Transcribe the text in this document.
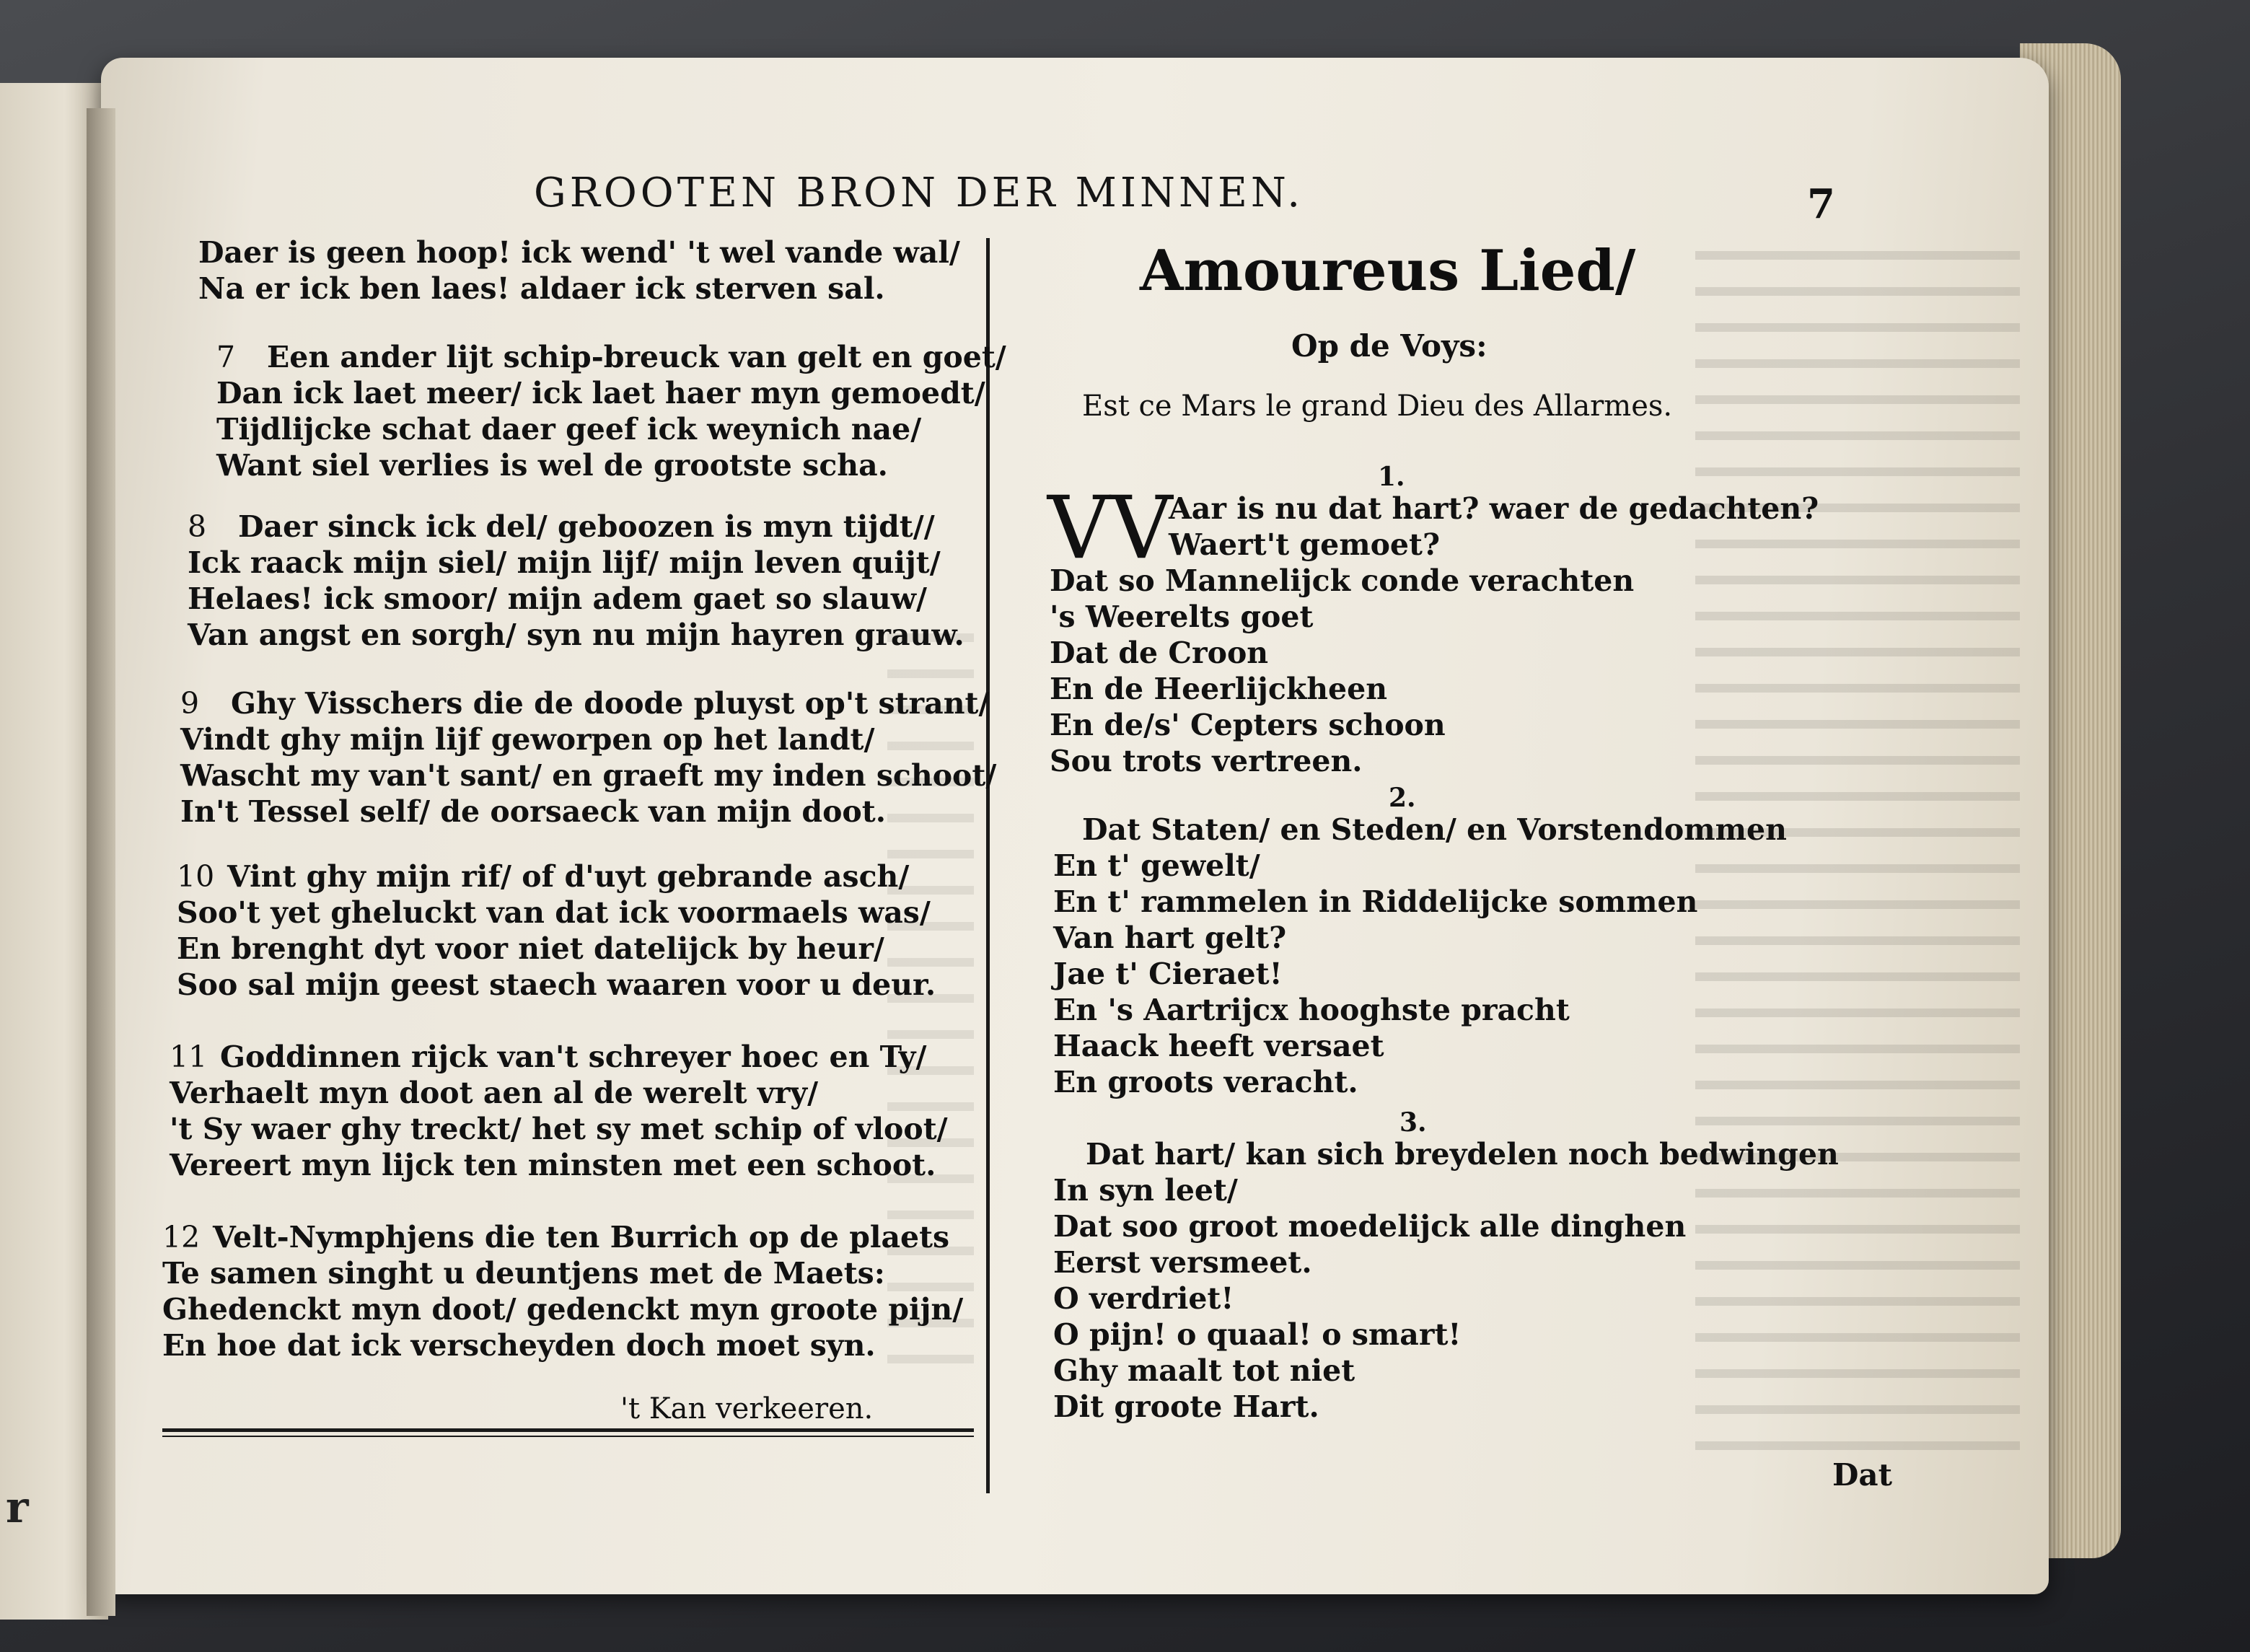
r
GROOTEN BRON DER MINNEN.	7
Daer is geen hoop! ick wend' 't wel vande wal/
Na er ick ben laes! aldaer ick sterven sal.
7 Een ander lijt schip-breuck van gelt en goet/
Dan ick laet meer/ ick laet haer myn gemoedt/
Tijdlijcke schat daer geef ick weynich nae/
Want siel verlies is wel de grootste scha.
8 Daer sinck ick del/ geboozen is myn tijdt//
Ick raack mijn siel/ mijn lijf/ mijn leven quijt/
Helaes! ick smoor/ mijn adem gaet so slauw/
Van angst en sorgh/ syn nu mijn hayren grauw.
9 Ghy Visschers die de doode pluyst op't strant/
Vindt ghy mijn lijf geworpen op het landt/
Wascht my van't sant/ en graeft my inden schoot/
In't Tessel self/ de oorsaeck van mijn doot.
10 Vint ghy mijn rif/ of d'uyt gebrande asch/
Soo't yet gheluckt van dat ick voormaels was/
En brenght dyt voor niet datelijck by heur/
Soo sal mijn geest staech waaren voor u deur.
11 Goddinnen rijck van't schreyer hoec en Ty/
Verhaelt myn doot aen al de werelt vry/
't Sy waer ghy treckt/ het sy met schip of vloot/
Vereert myn lijck ten minsten met een schoot.
12 Velt-Nymphjens die ten Burrich op de plaets
Te samen singht u deuntjens met de Maets:
Ghedenckt myn doot/ gedenckt myn groote pijn/
En hoe dat ick verscheyden doch moet syn.
't Kan verkeeren.
Amoureus Lied/
Op de Voys:
Est ce Mars le grand Dieu des Allarmes.
1.
VV
Aar is nu dat hart? waer de gedachten?
Waert't gemoet?
Dat so Mannelijck conde verachten
's Weerelts goet
Dat de Croon
En de Heerlijckheen
En de/s' Cepters schoon
Sou trots vertreen.
2.
Dat Staten/ en Steden/ en Vorstendommen
En t' gewelt/
En t' rammelen in Riddelijcke sommen
Van hart gelt?
Jae t' Cieraet!
En 's Aartrijcx hooghste pracht
Haack heeft versaet
En groots veracht.
3.
Dat hart/ kan sich breydelen noch bedwingen
In syn leet/
Dat soo groot moedelijck alle dinghen
Eerst versmeet.
O verdriet!
O pijn! o quaal! o smart!
Ghy maalt tot niet
Dit groote Hart.
Dat
